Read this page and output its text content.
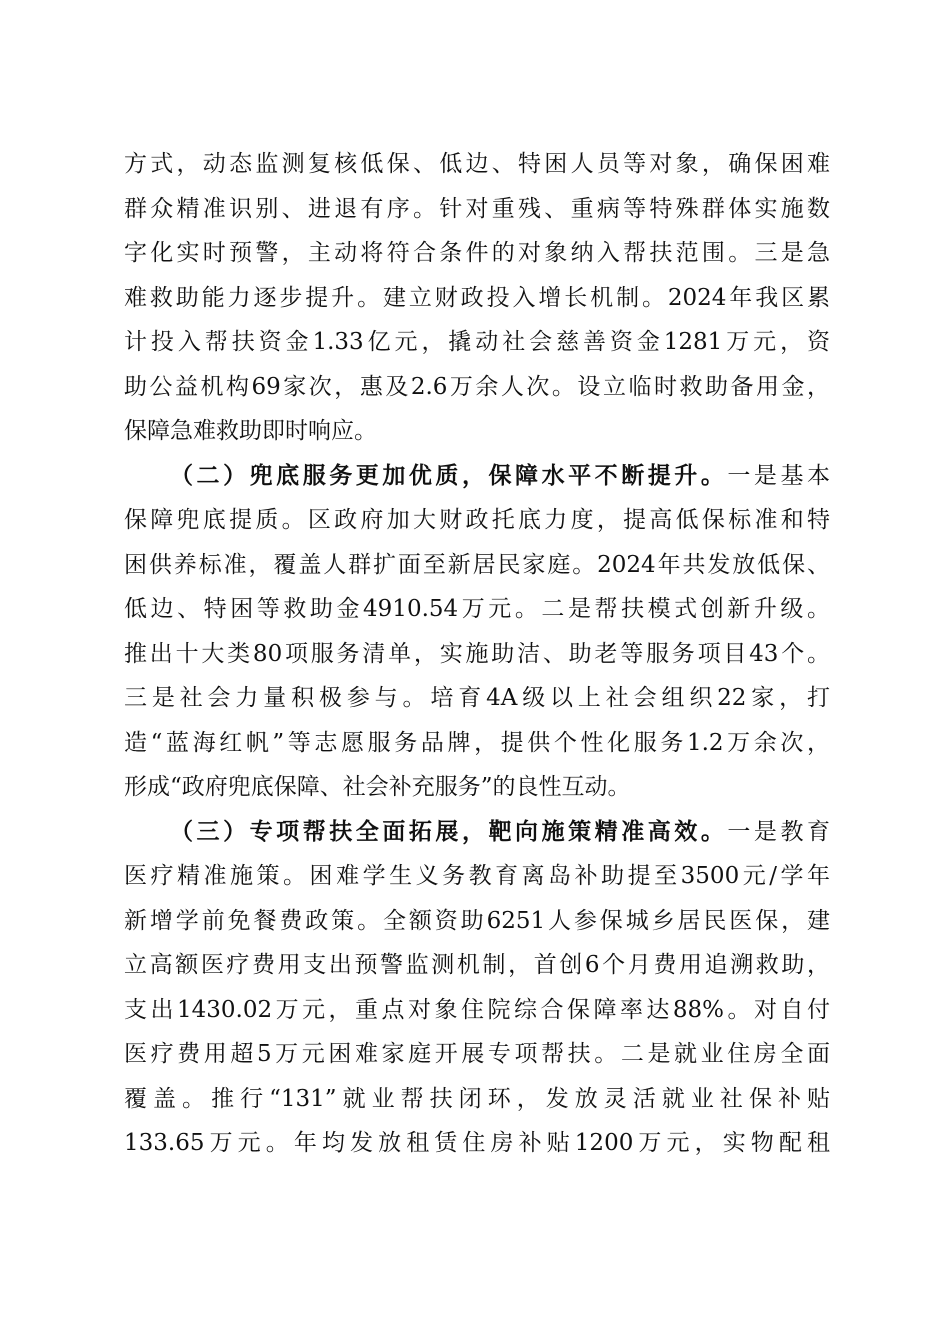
方式，动态监测复核低保、低边、特困人员等对象，确保困难
群众精准识别、进退有序。针对重残、重病等特殊群体实施数
字化实时预警，主动将符合条件的对象纳入帮扶范围。三是急
难救助能力逐步提升。建立财政投入增长机制。2024年我区累
计投入帮扶资金1.33亿元，撬动社会慈善资金1281万元，资
助公益机构69家次，惠及2.6万余人次。设立临时救助备用金，
保障急难救助即时响应。
（二）兜底服务更加优质，保障水平不断提升。一是基本
保障兜底提质。区政府加大财政托底力度，提高低保标准和特
困供养标准，覆盖人群扩面至新居民家庭。2024年共发放低保、
低边、特困等救助金4910.54万元。二是帮扶模式创新升级。
推出十大类80项服务清单，实施助洁、助老等服务项目43个。
三是社会力量积极参与。培育4A级以上社会组织22家，打
造“蓝海红帆”等志愿服务品牌，提供个性化服务1.2万余次，
形成“政府兜底保障、社会补充服务”的良性互动。
（三）专项帮扶全面拓展，靶向施策精准高效。一是教育
医疗精准施策。困难学生义务教育离岛补助提至3500元/学年
新增学前免餐费政策。全额资助6251人参保城乡居民医保，建
立高额医疗费用支出预警监测机制，首创6个月费用追溯救助，
支出1430.02万元，重点对象住院综合保障率达88%。对自付
医疗费用超5万元困难家庭开展专项帮扶。二是就业住房全面
覆盖。推行“131”就业帮扶闭环，发放灵活就业社保补贴
133.65万元。年均发放租赁住房补贴1200万元，实物配租
